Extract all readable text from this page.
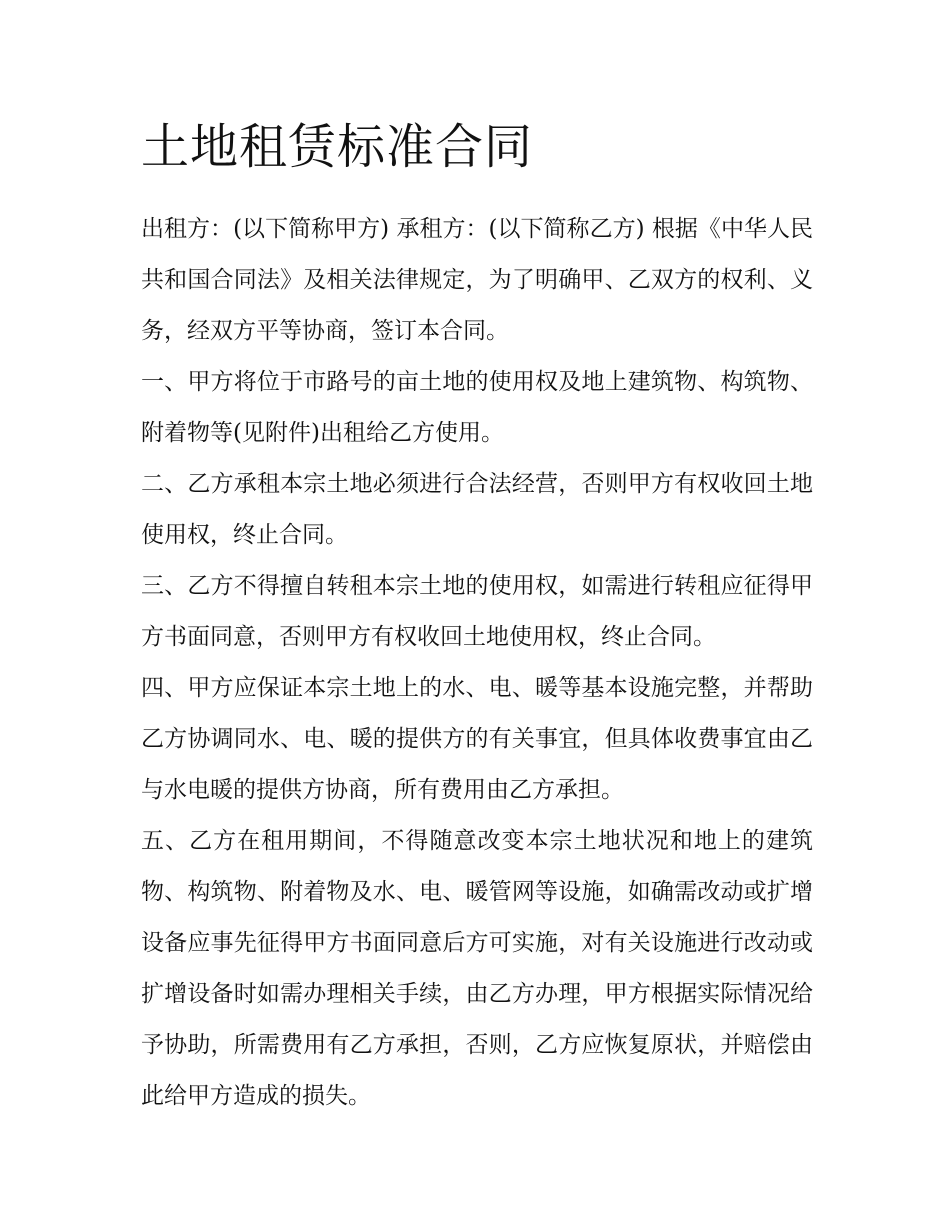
土地租赁标准合同

出租方：(以下简称甲方) 承租方：(以下简称乙方) 根据《中华人民共和国合同法》及相关法律规定，为了明确甲、乙双方的权利、义务，经双方平等协商，签订本合同。

一、甲方将位于市路号的亩土地的使用权及地上建筑物、构筑物、附着物等(见附件)出租给乙方使用。

二、乙方承租本宗土地必须进行合法经营，否则甲方有权收回土地使用权，终止合同。

三、乙方不得擅自转租本宗土地的使用权，如需进行转租应征得甲方书面同意，否则甲方有权收回土地使用权，终止合同。

四、甲方应保证本宗土地上的水、电、暖等基本设施完整，并帮助乙方协调同水、电、暖的提供方的有关事宜，但具体收费事宜由乙与水电暖的提供方协商，所有费用由乙方承担。

五、乙方在租用期间，不得随意改变本宗土地状况和地上的建筑物、构筑物、附着物及水、电、暖管网等设施，如确需改动或扩增设备应事先征得甲方书面同意后方可实施，对有关设施进行改动或扩增设备时如需办理相关手续，由乙方办理，甲方根据实际情况给予协助，所需费用有乙方承担，否则，乙方应恢复原状，并赔偿由此给甲方造成的损失。
